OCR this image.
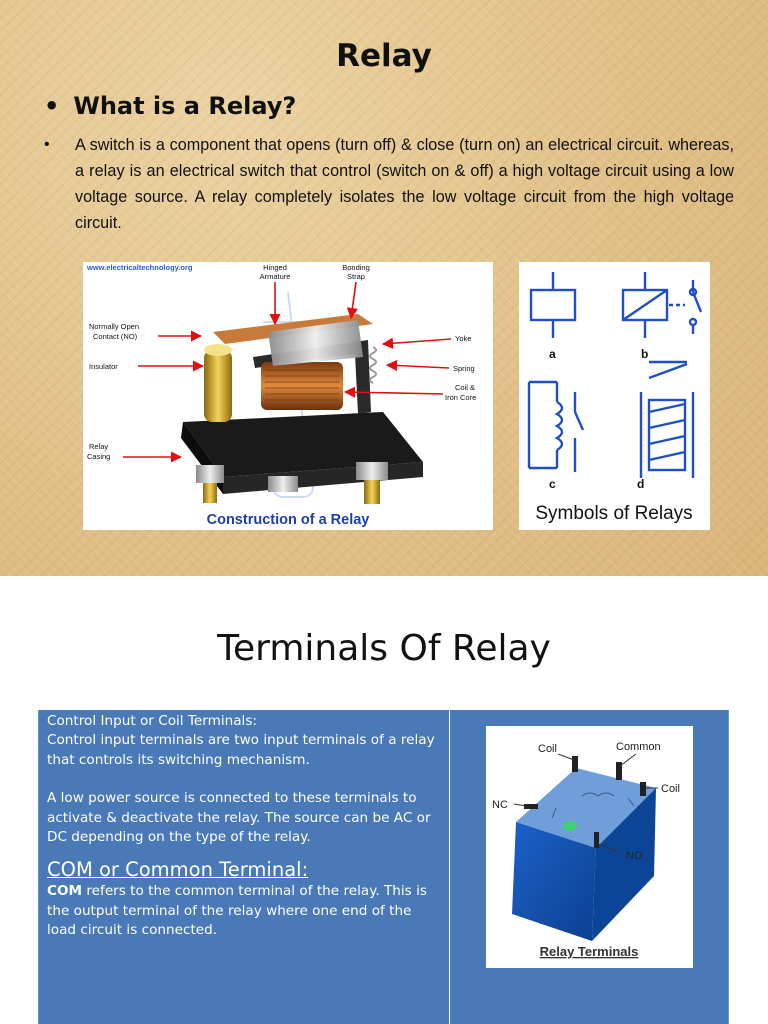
Relay
• What is a Relay?
• A switch is a component that opens (turn off) & close (turn on) an electrical circuit. whereas, a relay is an electrical switch that control (switch on & off) a high voltage circuit using a low voltage source. A relay completely isolates the low voltage circuit from the high voltage circuit.

www.electricaltechnology.org	Hinged
Armature
Bonding
Strap
Normally Open
Contact (NO)
Insulator
Yoke
Spring
Coil &
Iron Core
Relay
Casing
Construction of a Relay
a	b
c	d
Symbols of Relays
Terminals Of Relay
Control Input or Coil Terminals:
Control input terminals are two input terminals of a relay that controls its switching mechanism.
A low power source is connected to these terminals to activate & deactivate the relay. The source can be AC or DC depending on the type of the relay.
COM or Common Terminal:
COM refers to the common terminal of the relay. This is the output terminal of the relay where one end of the load circuit is connected.
Coil	Common
Coil
NC
NO
Relay Terminals
